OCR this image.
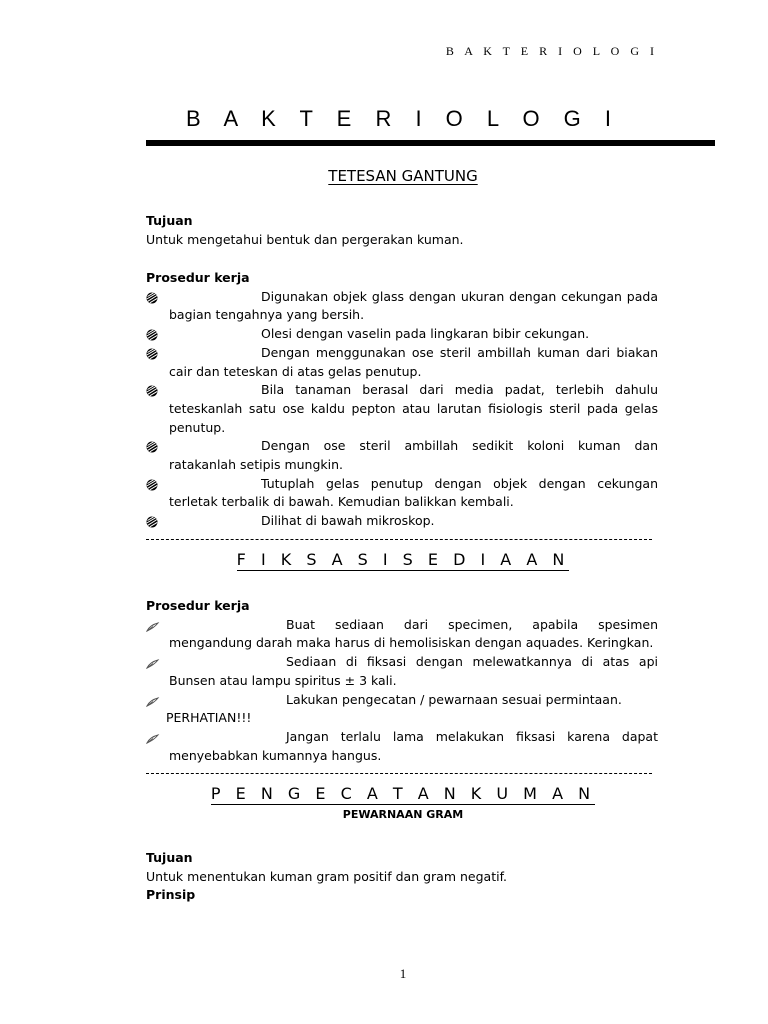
B A K T E R I O L O G I
B A K T E R I O L O G I
TETESAN GANTUNG
Tujuan
Untuk mengetahui bentuk dan pergerakan kuman.
Prosedur kerja
Digunakan objek glass dengan ukuran dengan cekungan pada bagian tengahnya yang bersih.
Olesi dengan vaselin pada lingkaran bibir cekungan.
Dengan menggunakan ose steril ambillah kuman dari biakan cair dan teteskan di atas gelas penutup.
Bila tanaman berasal dari media padat, terlebih dahulu teteskanlah satu ose kaldu pepton atau larutan fisiologis steril pada gelas penutup.
Dengan ose steril ambillah sedikit koloni kuman dan ratakanlah setipis mungkin.
Tutuplah gelas penutup dengan objek dengan cekungan terletak terbalik di bawah. Kemudian balikkan kembali.
Dilihat di bawah mikroskop.
F I K S A S I S E D I A A N
Prosedur kerja
Buat sediaan dari specimen, apabila spesimen mengandung darah maka harus di hemolisiskan dengan aquades. Keringkan.
Sediaan di fiksasi dengan melewatkannya di atas api Bunsen atau lampu spiritus ± 3 kali.
Lakukan pengecatan / pewarnaan sesuai permintaan.
PERHATIAN!!!
Jangan terlalu lama melakukan fiksasi karena dapat menyebabkan kumannya hangus.
P E N G E C A T A N K U M A N
PEWARNAAN GRAM
Tujuan
Untuk menentukan kuman gram positif dan gram negatif.
Prinsip
1
